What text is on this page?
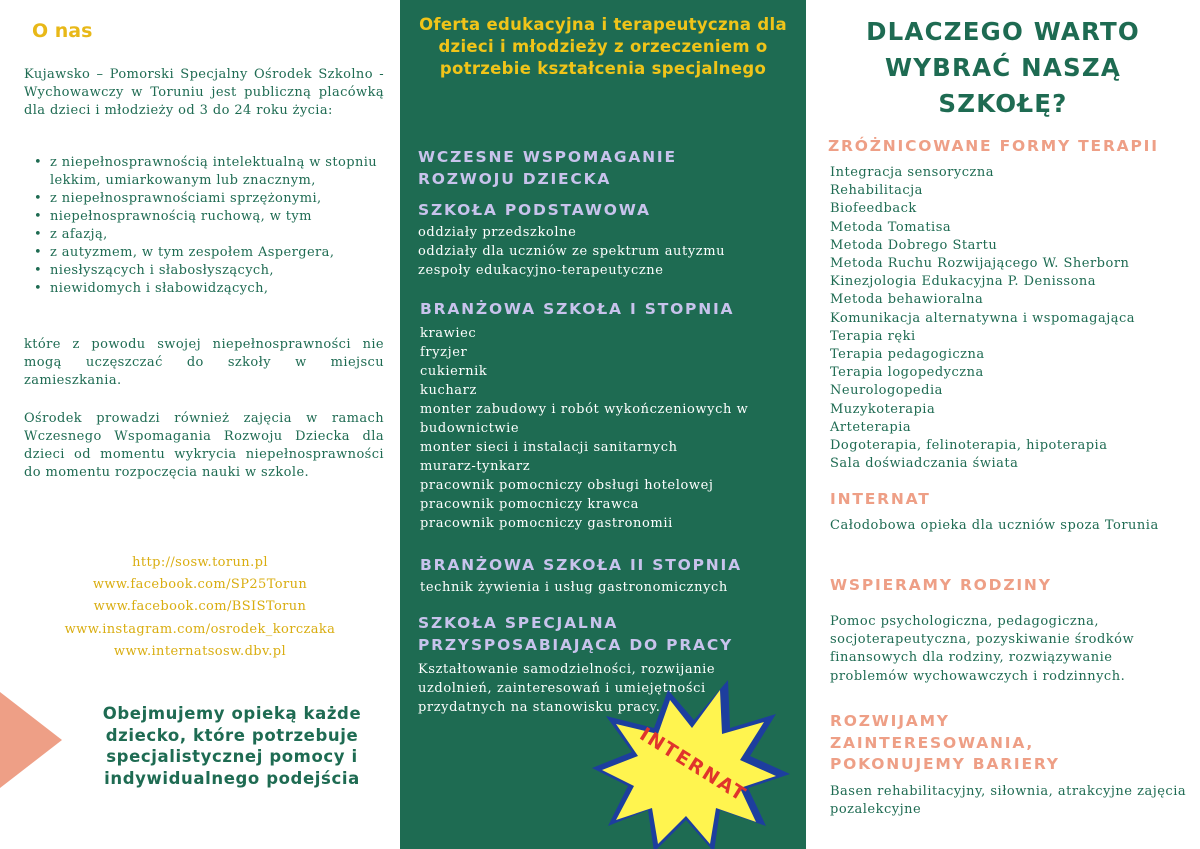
O nas

Kujawsko – Pomorski Specjalny Ośrodek Szkolno - Wychowawczy w Toruniu jest publiczną placówką dla dzieci i młodzieży od 3 do 24 roku życia:

• z niepełnosprawnością intelektualną w stopniu lekkim, umiarkowanym lub znacznym,
• z niepełnosprawnościami sprzężonymi,
• niepełnosprawnością ruchową, w tym
• z afazją,
• z autyzmem, w tym zespołem Aspergera,
• niesłyszących i słabosłyszących,
• niewidomych i słabowidzących,

które z powodu swojej niepełnosprawności nie mogą uczęszczać do szkoły w miejscu zamieszkania.

Ośrodek prowadzi również zajęcia w ramach Wczesnego Wspomagania Rozwoju Dziecka dla dzieci od momentu wykrycia niepełnosprawności do momentu rozpoczęcia nauki w szkole.

http://sosw.torun.pl
www.facebook.com/SP25Torun
www.facebook.com/BSISTorun
www.instagram.com/osrodek_korczaka
www.internatsosw.dbv.pl

Obejmujemy opieką każde dziecko, które potrzebuje specjalistycznej pomocy i indywidualnego podejścia

Oferta edukacyjna i terapeutyczna dla dzieci i młodzieży z orzeczeniem o potrzebie kształcenia specjalnego
WCZESNE WSPOMAGANIE ROZWOJU DZIECKA
SZKOŁA PODSTAWOWA
oddziały przedszkolne
oddziały dla uczniów ze spektrum autyzmu
zespoły edukacyjno-terapeutyczne
BRANŻOWA SZKOŁA I STOPNIA
krawiec
fryzjer
cukiernik
kucharz
monter zabudowy i robót wykończeniowych w budownictwie
monter sieci i instalacji sanitarnych
murarz-tynkarz
pracownik pomocniczy obsługi hotelowej
pracownik pomocniczy krawca
pracownik pomocniczy gastronomii
BRANŻOWA SZKOŁA II STOPNIA
technik żywienia i usług gastronomicznych
SZKOŁA SPECJALNA PRZYSPOSABIAJĄCA DO PRACY

Kształtowanie samodzielności, rozwijanie uzdolnień, zainteresowań i umiejętności przydatnych na stanowisku pracy.

INTERNAT
DLACZEGO WARTO WYBRAĆ NASZĄ SZKOŁĘ?
ZRÓŻNICOWANE FORMY TERAPII
Integracja sensoryczna
Rehabilitacja
Biofeedback
Metoda Tomatisa
Metoda Dobrego Startu
Metoda Ruchu Rozwijającego W. Sherborn
Kinezjologia Edukacyjna P. Denissona
Metoda behawioralna
Komunikacja alternatywna i wspomagająca
Terapia ręki
Terapia pedagogiczna
Terapia logopedyczna
Neurologopedia
Muzykoterapia
Arteterapia
Dogoterapia, felinoterapia, hipoterapia
Sala doświadczania świata
INTERNAT

Całodobowa opieka dla uczniów spoza Torunia

WSPIERAMY RODZINY

Pomoc psychologiczna, pedagogiczna, socjoterapeutyczna, pozyskiwanie środków finansowych dla rodziny, rozwiązywanie problemów wychowawczych i rodzinnych.

ROZWIJAMY ZAINTERESOWANIA, POKONUJEMY BARIERY

Basen rehabilitacyjny, siłownia, atrakcyjne zajęcia pozalekcyjne
